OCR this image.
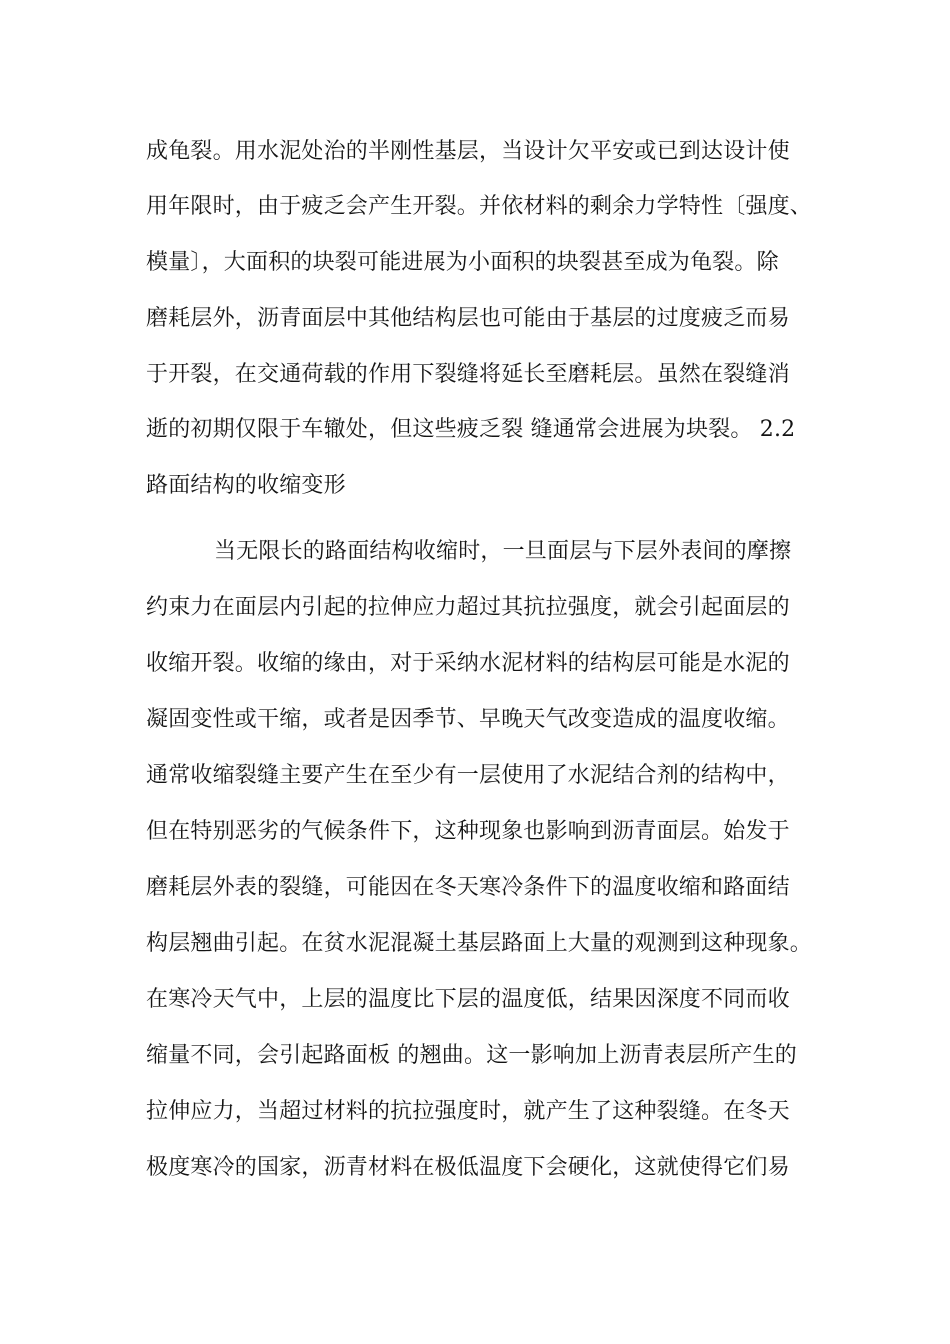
成龟裂。用水泥处治的半刚性基层，当设计欠平安或已到达设计使
用年限时，由于疲乏会产生开裂。并依材料的剩余力学特性〔强度、
模量〕，大面积的块裂可能进展为小面积的块裂甚至成为龟裂。除
磨耗层外，沥青面层中其他结构层也可能由于基层的过度疲乏而易
于开裂，在交通荷载的作用下裂缝将延长至磨耗层。虽然在裂缝消
逝的初期仅限于车辙处，但这些疲乏裂 缝通常会进展为块裂。 2.2
路面结构的收缩变形
当无限长的路面结构收缩时，一旦面层与下层外表间的摩擦
约束力在面层内引起的拉伸应力超过其抗拉强度，就会引起面层的
收缩开裂。收缩的缘由，对于采纳水泥材料的结构层可能是水泥的
凝固变性或干缩，或者是因季节、早晚天气改变造成的温度收缩。
通常收缩裂缝主要产生在至少有一层使用了水泥结合剂的结构中，
但在特别恶劣的气候条件下，这种现象也影响到沥青面层。始发于
磨耗层外表的裂缝，可能因在冬天寒冷条件下的温度收缩和路面结
构层翘曲引起。在贫水泥混凝土基层路面上大量的观测到这种现象。
在寒冷天气中，上层的温度比下层的温度低，结果因深度不同而收
缩量不同，会引起路面板 的翘曲。这一影响加上沥青表层所产生的
拉伸应力，当超过材料的抗拉强度时，就产生了这种裂缝。在冬天
极度寒冷的国家，沥青材料在极低温度下会硬化，这就使得它们易
